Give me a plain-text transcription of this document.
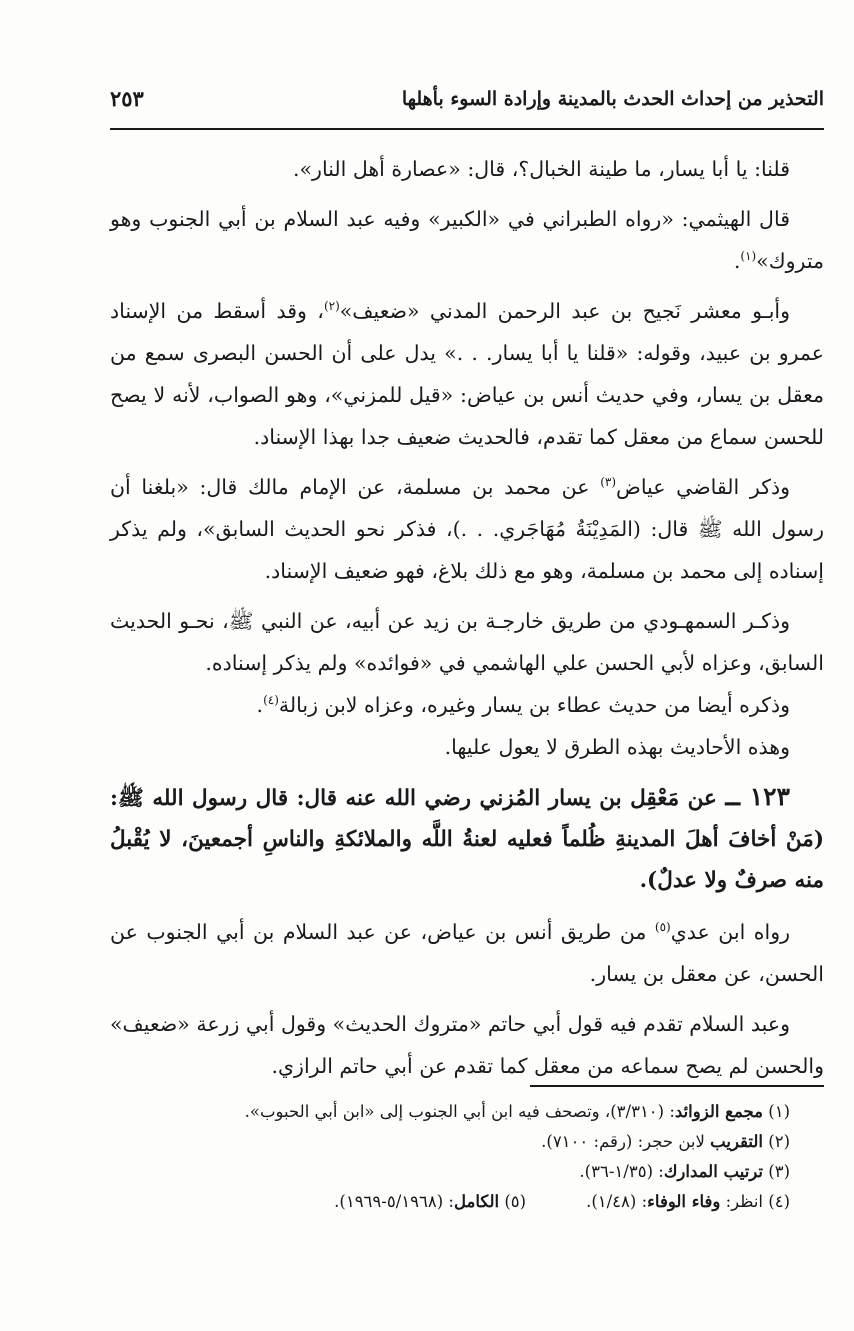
التحذير من إحداث الحدث بالمدينة وإرادة السوء بأهلها
٢٥٣

قلنا: يا أبا يسار، ما طينة الخبال؟، قال: «عصارة أهل النار».

قال الهيثمي: «رواه الطبراني في «الكبير» وفيه عبد السلام بن أبي الجنوب وهو متروك»$^{(١)}$.

وأبـو معشر نَجيح بن عبد الرحمن المدني «ضعيف»$^{(٢)}$، وقد أسقط من الإسناد عمرو بن عبيد، وقوله: «قلنا يا أبا يسار. . .» يدل على أن الحسن البصرى سمع من معقل بن يسار، وفي حديث أنس بن عياض: «قيل للمزني»، وهو الصواب، لأنه لا يصح للحسن سماع من معقل كما تقدم، فالحديث ضعيف جدا بهذا الإسناد.

وذكر القاضي عياض$^{(٣)}$ عن محمد بن مسلمة، عن الإمام مالك قال: «بلغنا أن رسول الله ﷺ قال: (المَدِيْنَةُ مُهَاجَري. . .)، فذكر نحو الحديث السابق»، ولم يذكر إسناده إلى محمد بن مسلمة، وهو مع ذلك بلاغ، فهو ضعيف الإسناد.

وذكـر السمهـودي من طريق خارجـة بن زيد عن أبيه، عن النبي ﷺ، نحـو الحديث السابق، وعزاه لأبي الحسن علي الهاشمي في «فوائده» ولم يذكر إسناده.

وذكره أيضا من حديث عطاء بن يسار وغيره، وعزاه لابن زبالة$^{(٤)}$.

وهذه الأحاديث بهذه الطرق لا يعول عليها.

١٢٣ ــ عن مَعْقِل بن يسار المُزني رضي الله عنه قال: قال رسول الله ﷺ: (مَنْ أخافَ أهلَ المدينةِ ظُلماً فعليه لعنةُ اللَّه والملائكةِ والناسِ أجمعينَ، لا يُقْبلُ منه صرفٌ ولا عدلٌ).

رواه ابن عدي$^{(٥)}$ من طريق أنس بن عياض، عن عبد السلام بن أبي الجنوب عن الحسن، عن معقل بن يسار.

وعبد السلام تقدم فيه قول أبي حاتم «متروك الحديث» وقول أبي زرعة «ضعيف» والحسن لم يصح سماعه من معقل كما تقدم عن أبي حاتم الرازي.

(١) مجمع الزوائد: (٣/٣١٠)، وتصحف فيه ابن أبي الجنوب إلى «ابن أبي الحبوب».

(٢) التقريب لابن حجر: (رقم: ٧١٠٠).

(٣) ترتيب المدارك: (١/٣٥-٣٦).

(٤) انظر: وفاء الوفاء: (١/٤٨).

(٥) الكامل: (٥/١٩٦٨-١٩٦٩).
